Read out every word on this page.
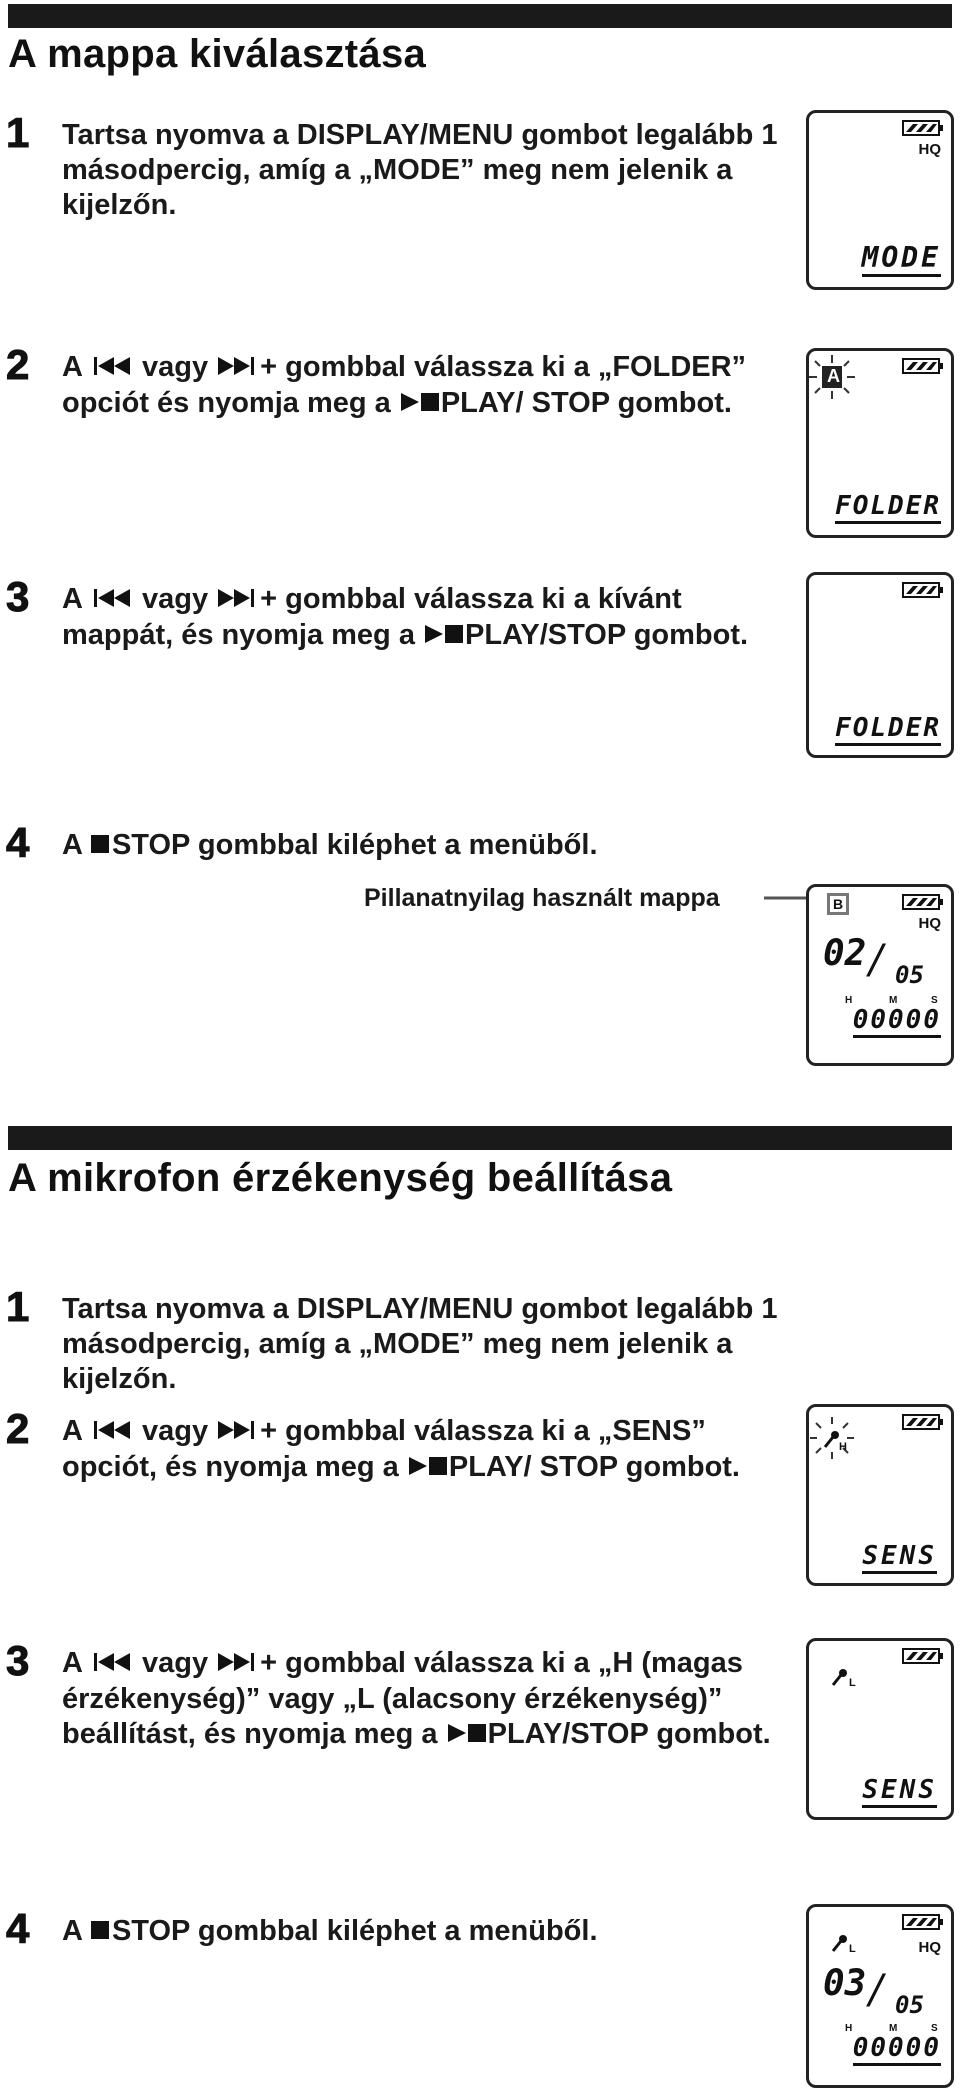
A mappa kiválasztása
1 Tartsa nyomva a DISPLAY/MENU gombot legalább 1 másodpercig, amíg a „MODE” meg nem jelenik a kijelzőn.
2 A  vagy + gombbal válassza ki a „FOLDER” opciót és nyomja meg a PLAY/ STOP gombot.
3 A  vagy + gombbal válassza ki a kívánt mappát, és nyomja meg a PLAY/STOP gombot.
4 A STOP gombbal kiléphet a menüből.
Pillanatnyilag használt mappa
HQ
MODE
A
FOLDER
FOLDER
B
HQ
02 / 05
H	M	S
00000
A mikrofon érzékenység beállítása
1 Tartsa nyomva a DISPLAY/MENU gombot legalább 1 másodpercig, amíg a „MODE” meg nem jelenik a kijelzőn.
2 A  vagy + gombbal válassza ki a „SENS” opciót, és nyomja meg a PLAY/ STOP gombot.
3 A  vagy + gombbal válassza ki a „H (magas érzékenység)” vagy „L (alacsony érzékenység)” beállítást, és nyomja meg a PLAY/STOP gombot.
4 A STOP gombbal kiléphet a menüből.
H
SENS
L
SENS
L	HQ
03 / 05
H	M	S
00000
